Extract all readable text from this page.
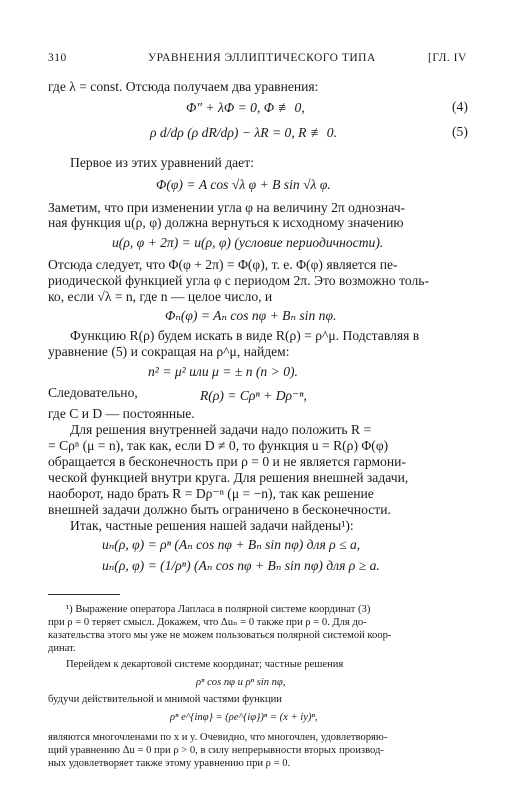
310	УРАВНЕНИЯ ЭЛЛИПТИЧЕСКОГО ТИПА	[ГЛ. IV
где λ = const. Отсюда получаем два уравнения:
Φ″ + λΦ = 0, Φ ≢ 0,	(4)
ρ d/dρ (ρ dR/dρ) − λR = 0, R ≢ 0.	(5)
Первое из этих уравнений дает:
Φ(φ) = A cos √λ φ + B sin √λ φ.
Заметим, что при изменении угла φ на величину 2π однознач-
ная функция u(ρ, φ) должна вернуться к исходному значению
u(ρ, φ + 2π) = u(ρ, φ) (условие периодичности).
Отсюда следует, что Φ(φ + 2π) = Φ(φ), т. е. Φ(φ) является пе-
риодической функцией угла φ с периодом 2π. Это возможно толь-
ко, если √λ = n, где n — целое число, и
Φₙ(φ) = Aₙ cos nφ + Bₙ sin nφ.
Функцию R(ρ) будем искать в виде R(ρ) = ρ^μ. Подставляя в
уравнение (5) и сокращая на ρ^μ, найдем:
n² = μ² или μ = ± n (n > 0).
Следовательно,	R(ρ) = Cρⁿ + Dρ⁻ⁿ,
где C и D — постоянные.
Для решения внутренней задачи надо положить R =
= Cρⁿ (μ = n), так как, если D ≠ 0, то функция u = R(ρ) Φ(φ)
обращается в бесконечность при ρ = 0 и не является гармони-
ческой функцией внутри круга. Для решения внешней задачи,
наоборот, надо брать R = Dρ⁻ⁿ (μ = −n), так как решение
внешней задачи должно быть ограничено в бесконечности.
Итак, частные решения нашей задачи найдены¹):
uₙ(ρ, φ) = ρⁿ (Aₙ cos nφ + Bₙ sin nφ) для ρ ≤ a,
uₙ(ρ, φ) = (1/ρⁿ) (Aₙ cos nφ + Bₙ sin nφ) для ρ ≥ a.
¹) Выражение оператора Лапласа в полярной системе координат (3)
при ρ = 0 теряет смысл. Докажем, что Δuₙ = 0 также при ρ = 0. Для до-
казательства этого мы уже не можем пользоваться полярной системой коор-
динат.
Перейдем к декартовой системе координат; частные решения
ρⁿ cos nφ и ρⁿ sin nφ,
будучи действительной и мнимой частями функции
ρⁿ e^{inφ} = (ρe^{iφ})ⁿ = (x + iy)ⁿ,
являются многочленами по x и y. Очевидно, что многочлен, удовлетворяю-
щий уравнению Δu = 0 при ρ > 0, в силу непрерывности вторых производ-
ных удовлетворяет также этому уравнению при ρ = 0.
